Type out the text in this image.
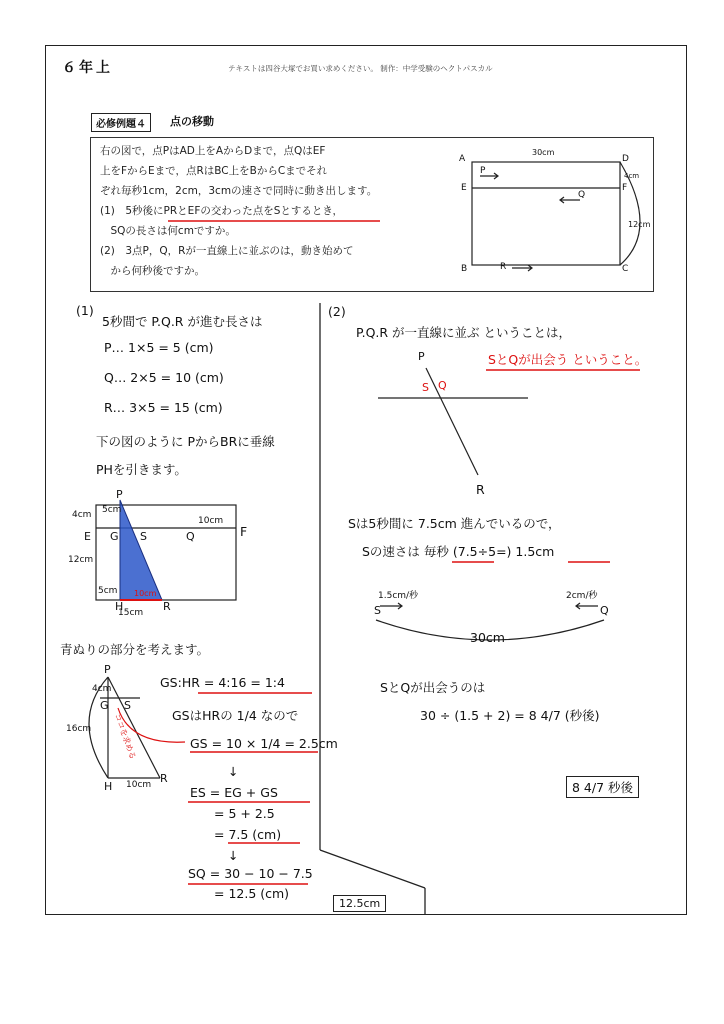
６年上	テキストは四谷大塚でお買い求めください。 制作：中学受験のヘクトパスカル
必修例題４	点の移動
右の図で，点PはAD上をAからDまで，点QはEF
上をFからEまで，点RはBC上をBからCまでそれ
ぞれ毎秒1cm，2cm，3cmの速さで同時に動き出します。
(1)　5秒後にPRとEFの交わった点をSとするとき，
　SQの長さは何cmですか。
(2)　3点P，Q，Rが一直線上に並ぶのは，動き始めて
　から何秒後ですか。
A	D
E	F
B	C
P
Q
R
30cm
4cm
12cm
(1)
5秒間で P.Q.R が進む長さは
P… 1×5 = 5 (cm)
Q… 2×5 = 10 (cm)
R… 3×5 = 15 (cm)
下の図のように PからBRに垂線
PHを引きます。
P
E G S	Q	F
H	R
4cm 5cm
10cm
12cm
5cm
15cm
10cm
青ぬりの部分を考えます。
P
G S
H
R
4cm
16cm
10cm
ココを求める
GS:HR = 4:16 = 1:4
GSはHRの 1/4 なので
GS = 10 × 1/4 = 2.5cm
↓
ES = EG + GS
= 5 + 2.5
= 7.5 (cm)
↓
SQ = 30 − 10 − 7.5
= 12.5 (cm)
12.5cm
(2)
P.Q.R が一直線に並ぶ ということは，
SとQが出会う ということ。
P
S Q
R
Sは5秒間に 7.5cm 進んでいるので，
Sの速さは 毎秒 (7.5÷5=) 1.5cm
1.5cm/秒	2cm/秒
S	Q
30cm
SとQが出会うのは
30 ÷ (1.5 + 2) = 8 4/7 (秒後)
8 4/7 秒後
